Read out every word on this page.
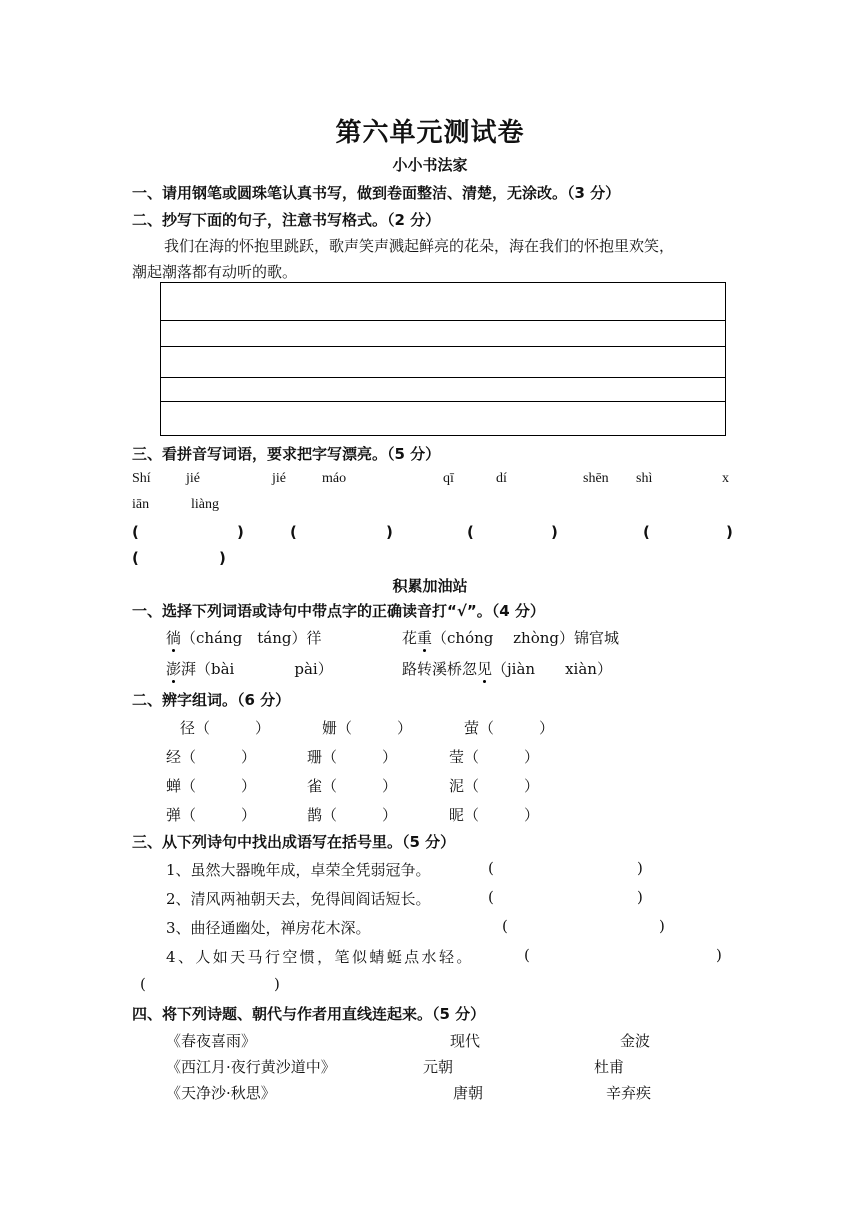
第六单元测试卷
小小书法家
一、请用钢笔或圆珠笔认真书写，做到卷面整洁、清楚，无涂改。（3 分）
二、抄写下面的句子，注意书写格式。（2 分）
我们在海的怀抱里跳跃，歌声笑声溅起鲜亮的花朵，海在我们的怀抱里欢笑，
潮起潮落都有动听的歌。
三、看拼音写词语，要求把字写漂亮。（5 分）
Shí	jié	jié	máo	qī	dí	shēn shì	x
iān	liàng
(	)	(	)	(	)	(	)
(	)
积累加油站
一、选择下列词语或诗句中带点字的正确读音打“√”。（4 分）
徜（cháng　táng）徉	花重（chóng　 zhòng）锦官城
澎湃（bài　　　　pài）	路转溪桥忽见（jiàn　　xiàn）
二、辨字组词。（6 分）
径（　　　）	姗（　　　）	萤（　　　）
经（　　　）	珊（　　　）	莹（　　　）
蝉（　　　）	雀（　　　）	泥（　　　）
弹（　　　）	鹊（　　　）	昵（　　　）
三、从下列诗句中找出成语写在括号里。（5 分）
1、虽然大器晚年成，卓荣全凭弱冠争。	(	)
2、清风两袖朝天去，免得闾阎话短长。	(	)
3、曲径通幽处，禅房花木深。	(	)
4、人如天马行空惯，笔似蜻蜓点水轻。	(	)
(	)
四、将下列诗题、朝代与作者用直线连起来。（5 分）
《春夜喜雨》	现代	金波
《西江月·夜行黄沙道中》	元朝	杜甫
《天净沙·秋思》	唐朝	辛弃疾
